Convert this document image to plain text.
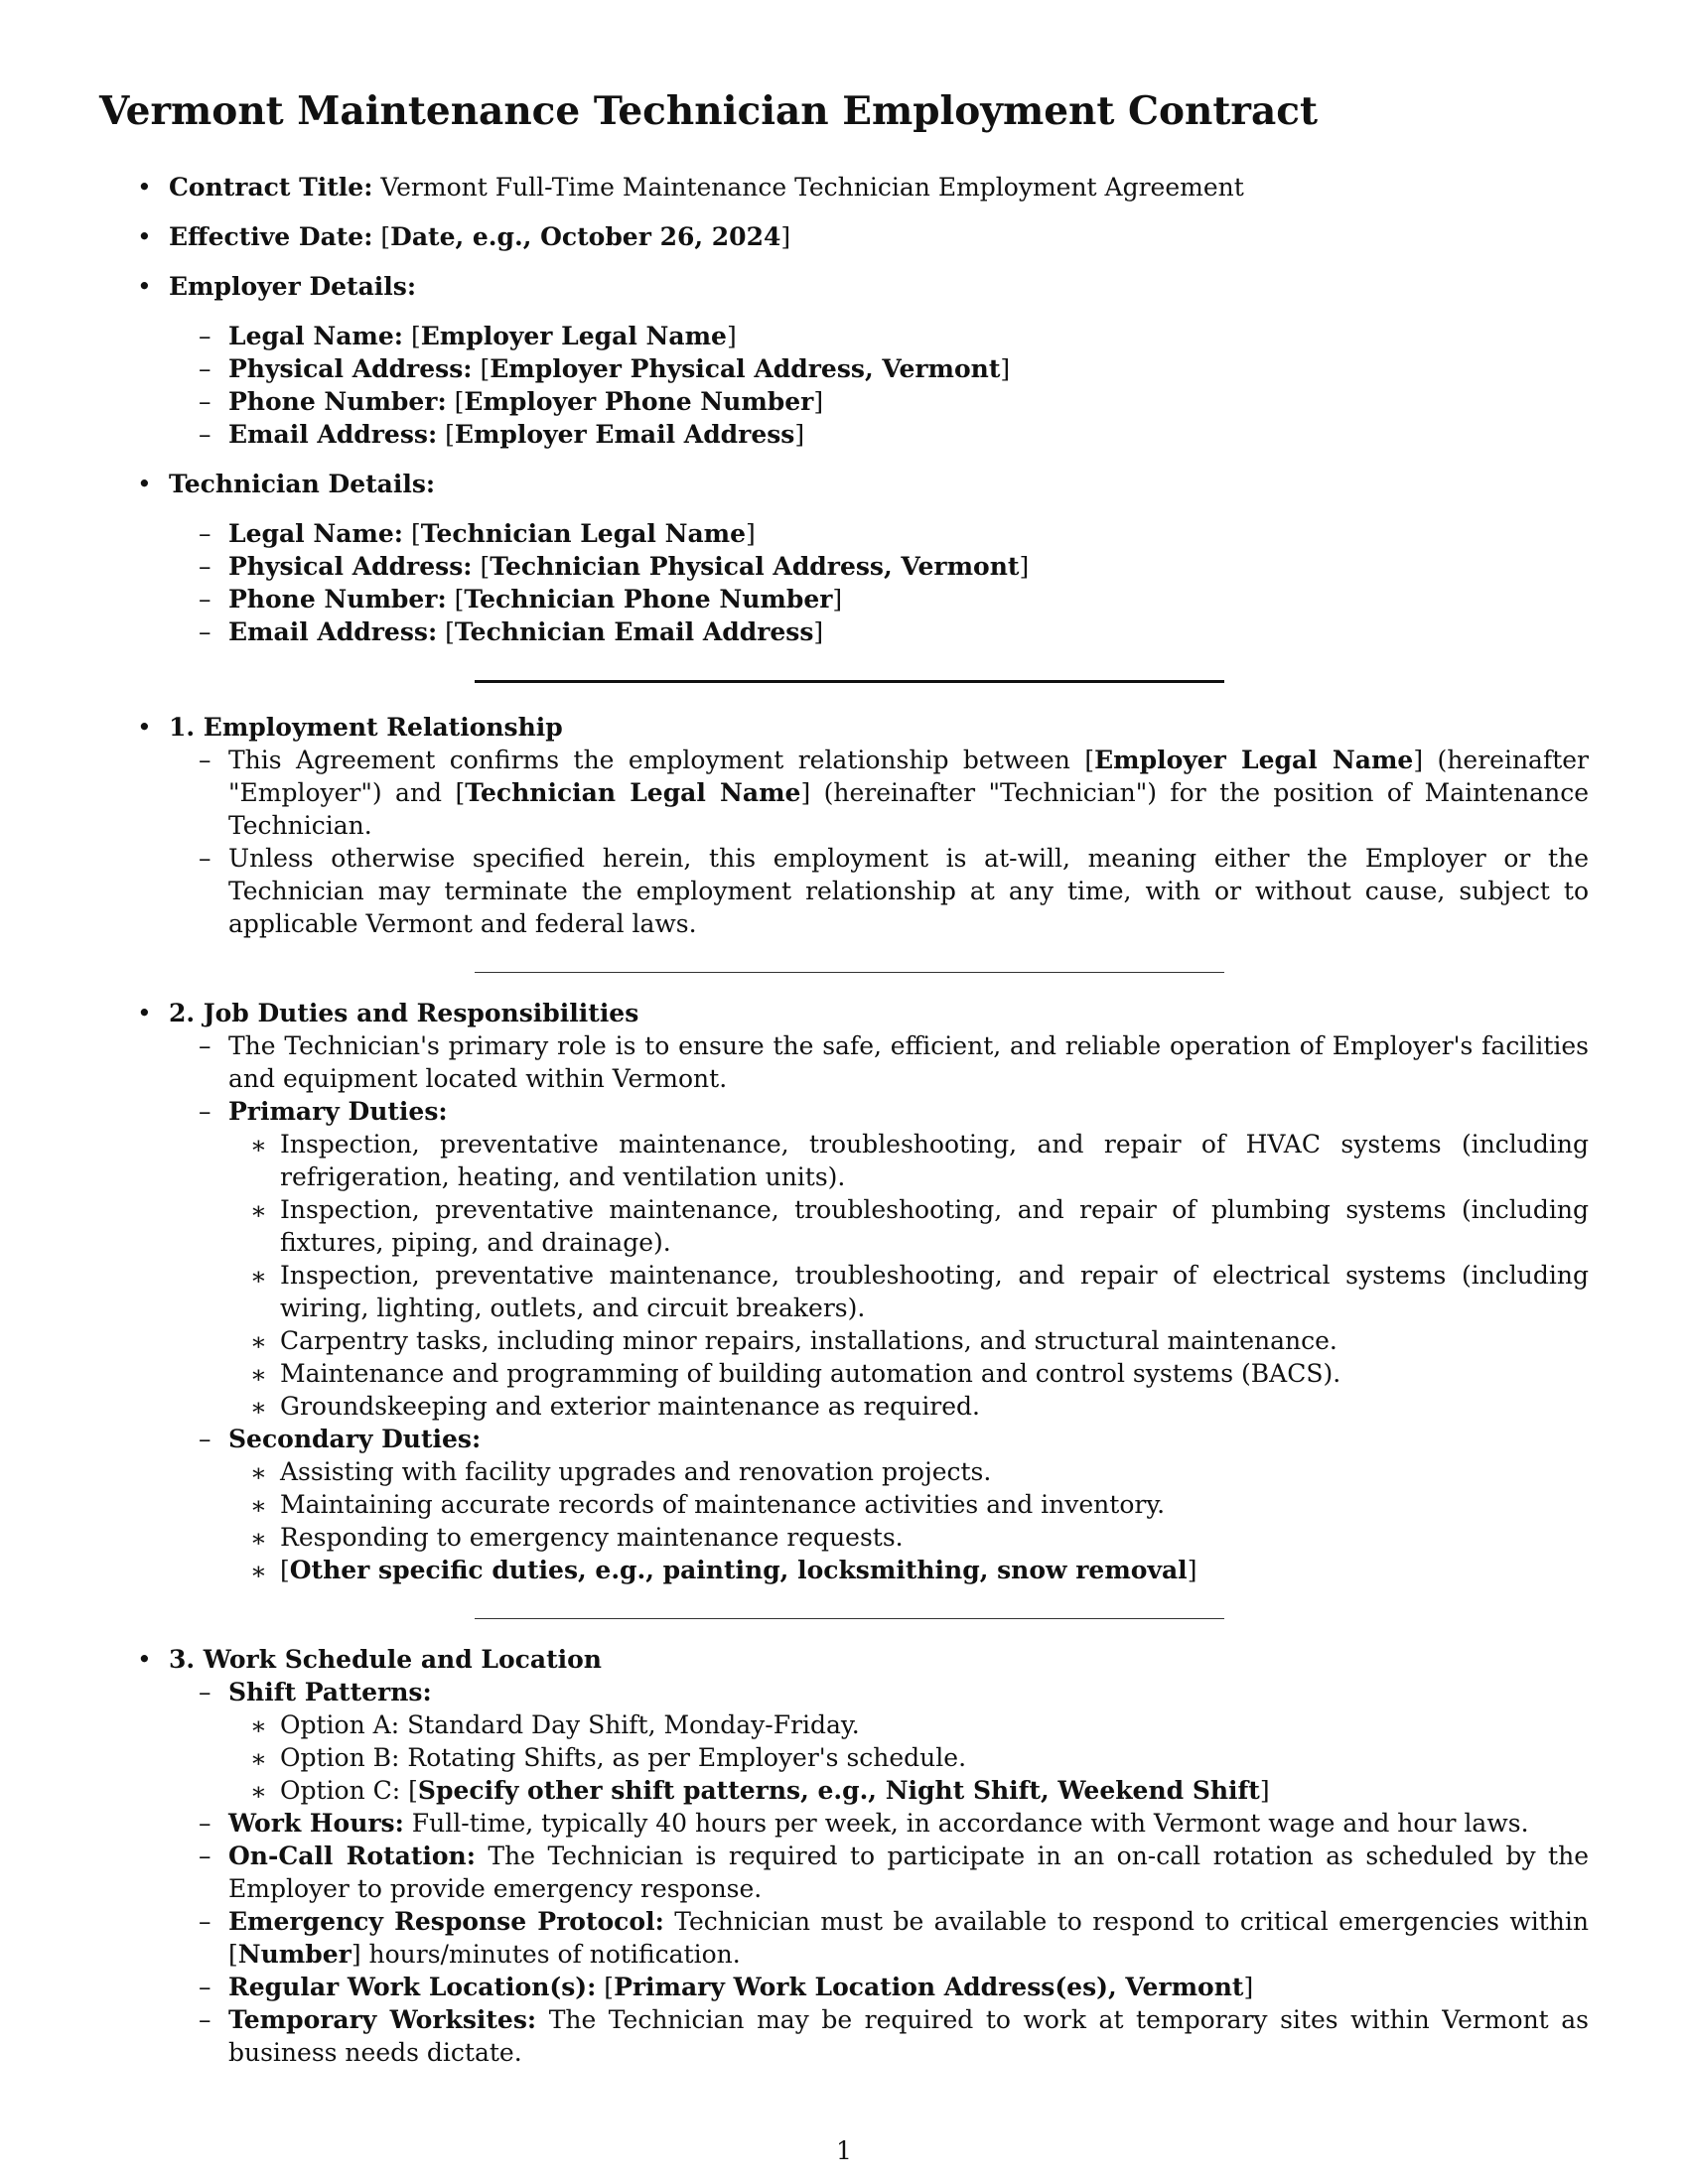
Vermont Maintenance Technician Employment Contract
• Contract Title: Vermont Full-Time Maintenance Technician Employment Agreement
• Effective Date: [Date, e.g., October 26, 2024]
• Employer Details:
– Legal Name: [Employer Legal Name]
– Physical Address: [Employer Physical Address, Vermont]
– Phone Number: [Employer Phone Number]
– Email Address: [Employer Email Address]
• Technician Details:
– Legal Name: [Technician Legal Name]
– Physical Address: [Technician Physical Address, Vermont]
– Phone Number: [Technician Phone Number]
– Email Address: [Technician Email Address]
• 1. Employment Relationship

– This Agreement confirms the employment relationship between [Employer Legal Name] (hereinafter "Employer") and [Technician Legal Name] (hereinafter "Technician") for the position of Maintenance Technician.

– Unless otherwise specified herein, this employment is at-will, meaning either the Employer or the Technician may terminate the employment relationship at any time, with or without cause, subject to applicable Vermont and federal laws.

• 2. Job Duties and Responsibilities

– The Technician's primary role is to ensure the safe, efficient, and reliable operation of Employer's facilities and equipment located within Vermont.

– Primary Duties:

∗ Inspection, preventative maintenance, troubleshooting, and repair of HVAC systems (including refrigeration, heating, and ventilation units).

∗ Inspection, preventative maintenance, troubleshooting, and repair of plumbing systems (including fixtures, piping, and drainage).

∗ Inspection, preventative maintenance, troubleshooting, and repair of electrical systems (including wiring, lighting, outlets, and circuit breakers).

∗ Carpentry tasks, including minor repairs, installations, and structural maintenance.

∗ Maintenance and programming of building automation and control systems (BACS).

∗ Groundskeeping and exterior maintenance as required.

– Secondary Duties:

∗ Assisting with facility upgrades and renovation projects.

∗ Maintaining accurate records of maintenance activities and inventory.

∗ Responding to emergency maintenance requests.

∗ [Other specific duties, e.g., painting, locksmithing, snow removal]
• 3. Work Schedule and Location
– Shift Patterns:
∗ Option A: Standard Day Shift, Monday-Friday.
∗ Option B: Rotating Shifts, as per Employer's schedule.
∗ Option C: [Specify other shift patterns, e.g., Night Shift, Weekend Shift]

– Work Hours: Full-time, typically 40 hours per week, in accordance with Vermont wage and hour laws.

– On-Call Rotation: The Technician is required to participate in an on-call rotation as scheduled by the Employer to provide emergency response.

– Emergency Response Protocol: Technician must be available to respond to critical emergencies within [Number] hours/minutes of notification.

– Regular Work Location(s): [Primary Work Location Address(es), Vermont]

– Temporary Worksites: The Technician may be required to work at temporary sites within Vermont as business needs dictate.

1
